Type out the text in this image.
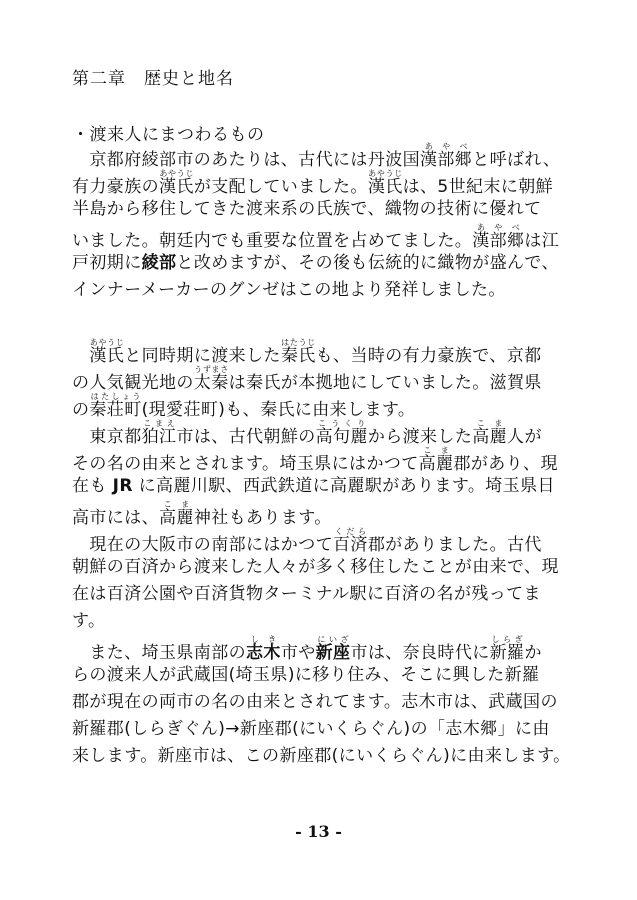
第二章　歴史と地名
・渡来人にまつわるもの
　京都府綾部市のあたりは、古代には丹波国漢部郷あやべと呼ばれ、
有力豪族の漢氏あやうじが支配していました。漢氏あやうじは、5世紀末に朝鮮
半島から移住してきた渡来系の氏族で、織物の技術に優れて
いました。朝廷内でも重要な位置を占めてました。漢部郷あやべは江
戸初期に綾部と改めますが、その後も伝統的に織物が盛んで、
インナーメーカーのグンゼはこの地より発祥しました。
　漢氏あやうじと同時期に渡来した秦氏はたうじも、当時の有力豪族で、京都
の人気観光地の太秦うずまさは秦氏が本拠地にしていました。滋賀県
の秦荘町はたしょう(現愛荘町)も、秦氏に由来します。
　東京都狛江こまえ市は、古代朝鮮の高句麗こうくりから渡来した高麗こま人が
その名の由来とされます。埼玉県にはかつて高麗こま郡があり、現
在も JR に高麗川駅、西武鉄道に高麗駅があります。埼玉県日
高市には、高麗こま神社もあります。
　現在の大阪市の南部にはかつて百済くだら郡がありました。古代
朝鮮の百済から渡来した人々が多く移住したことが由来で、現
在は百済公園や百済貨物ターミナル駅に百済の名が残ってま
す。
　また、埼玉県南部の志木しき市や新座にいざ市は、奈良時代に新羅しらぎか
らの渡来人が武蔵国(埼玉県)に移り住み、そこに興した新羅
郡が現在の両市の名の由来とされてます。志木市は、武蔵国の
新羅郡(しらぎぐん)→新座郡(にいくらぐん)の「志木郷」に由
来します。新座市は、この新座郡(にいくらぐん)に由来します。
- 13 -
